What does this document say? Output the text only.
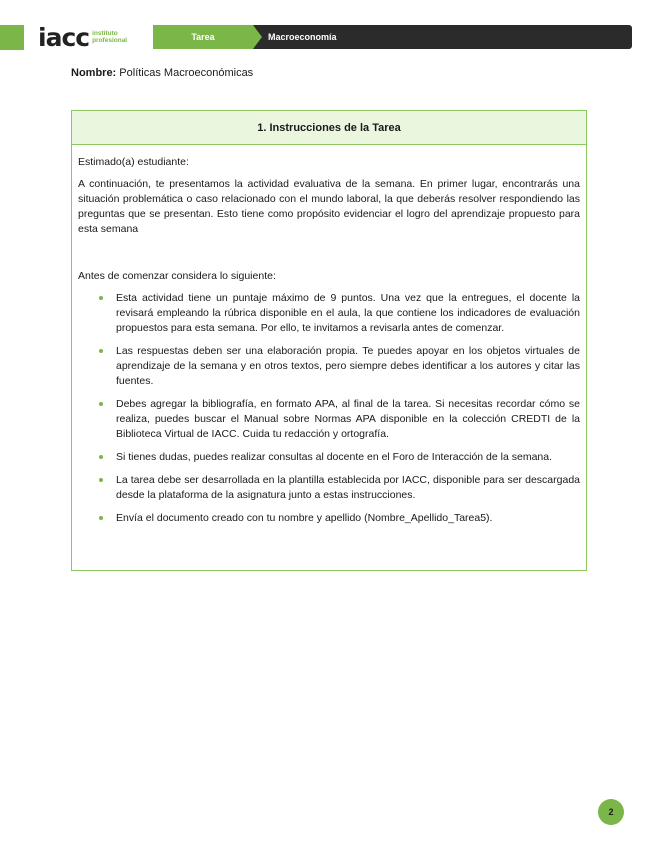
iacc instituto
profesional	Tarea	Macroeconomía
Nombre: Políticas Macroeconómicas
1. Instrucciones de la Tarea

Estimado(a) estudiante:

A continuación, te presentamos la actividad evaluativa de la semana. En primer lugar, encontrarás una situación problemática o caso relacionado con el mundo laboral, la que deberás resolver respondiendo las preguntas que se presentan. Esto tiene como propósito evidenciar el logro del aprendizaje propuesto para esta semana

Antes de comenzar considera lo siguiente:

Esta actividad tiene un puntaje máximo de 9 puntos. Una vez que la entregues, el docente la revisará empleando la rúbrica disponible en el aula, la que contiene los indicadores de evaluación propuestos para esta semana. Por ello, te invitamos a revisarla antes de comenzar.
Las respuestas deben ser una elaboración propia. Te puedes apoyar en los objetos virtuales de aprendizaje de la semana y en otros textos, pero siempre debes identificar a los autores y citar las fuentes.
Debes agregar la bibliografía, en formato APA, al final de la tarea. Si necesitas recordar cómo se realiza, puedes buscar el Manual sobre Normas APA disponible en la colección CREDTI de la Biblioteca Virtual de IACC. Cuida tu redacción y ortografía.
Si tienes dudas, puedes realizar consultas al docente en el Foro de Interacción de la semana.
La tarea debe ser desarrollada en la plantilla establecida por IACC, disponible para ser descargada desde la plataforma de la asignatura junto a estas instrucciones.
Envía el documento creado con tu nombre y apellido (Nombre_Apellido_Tarea5).
2
